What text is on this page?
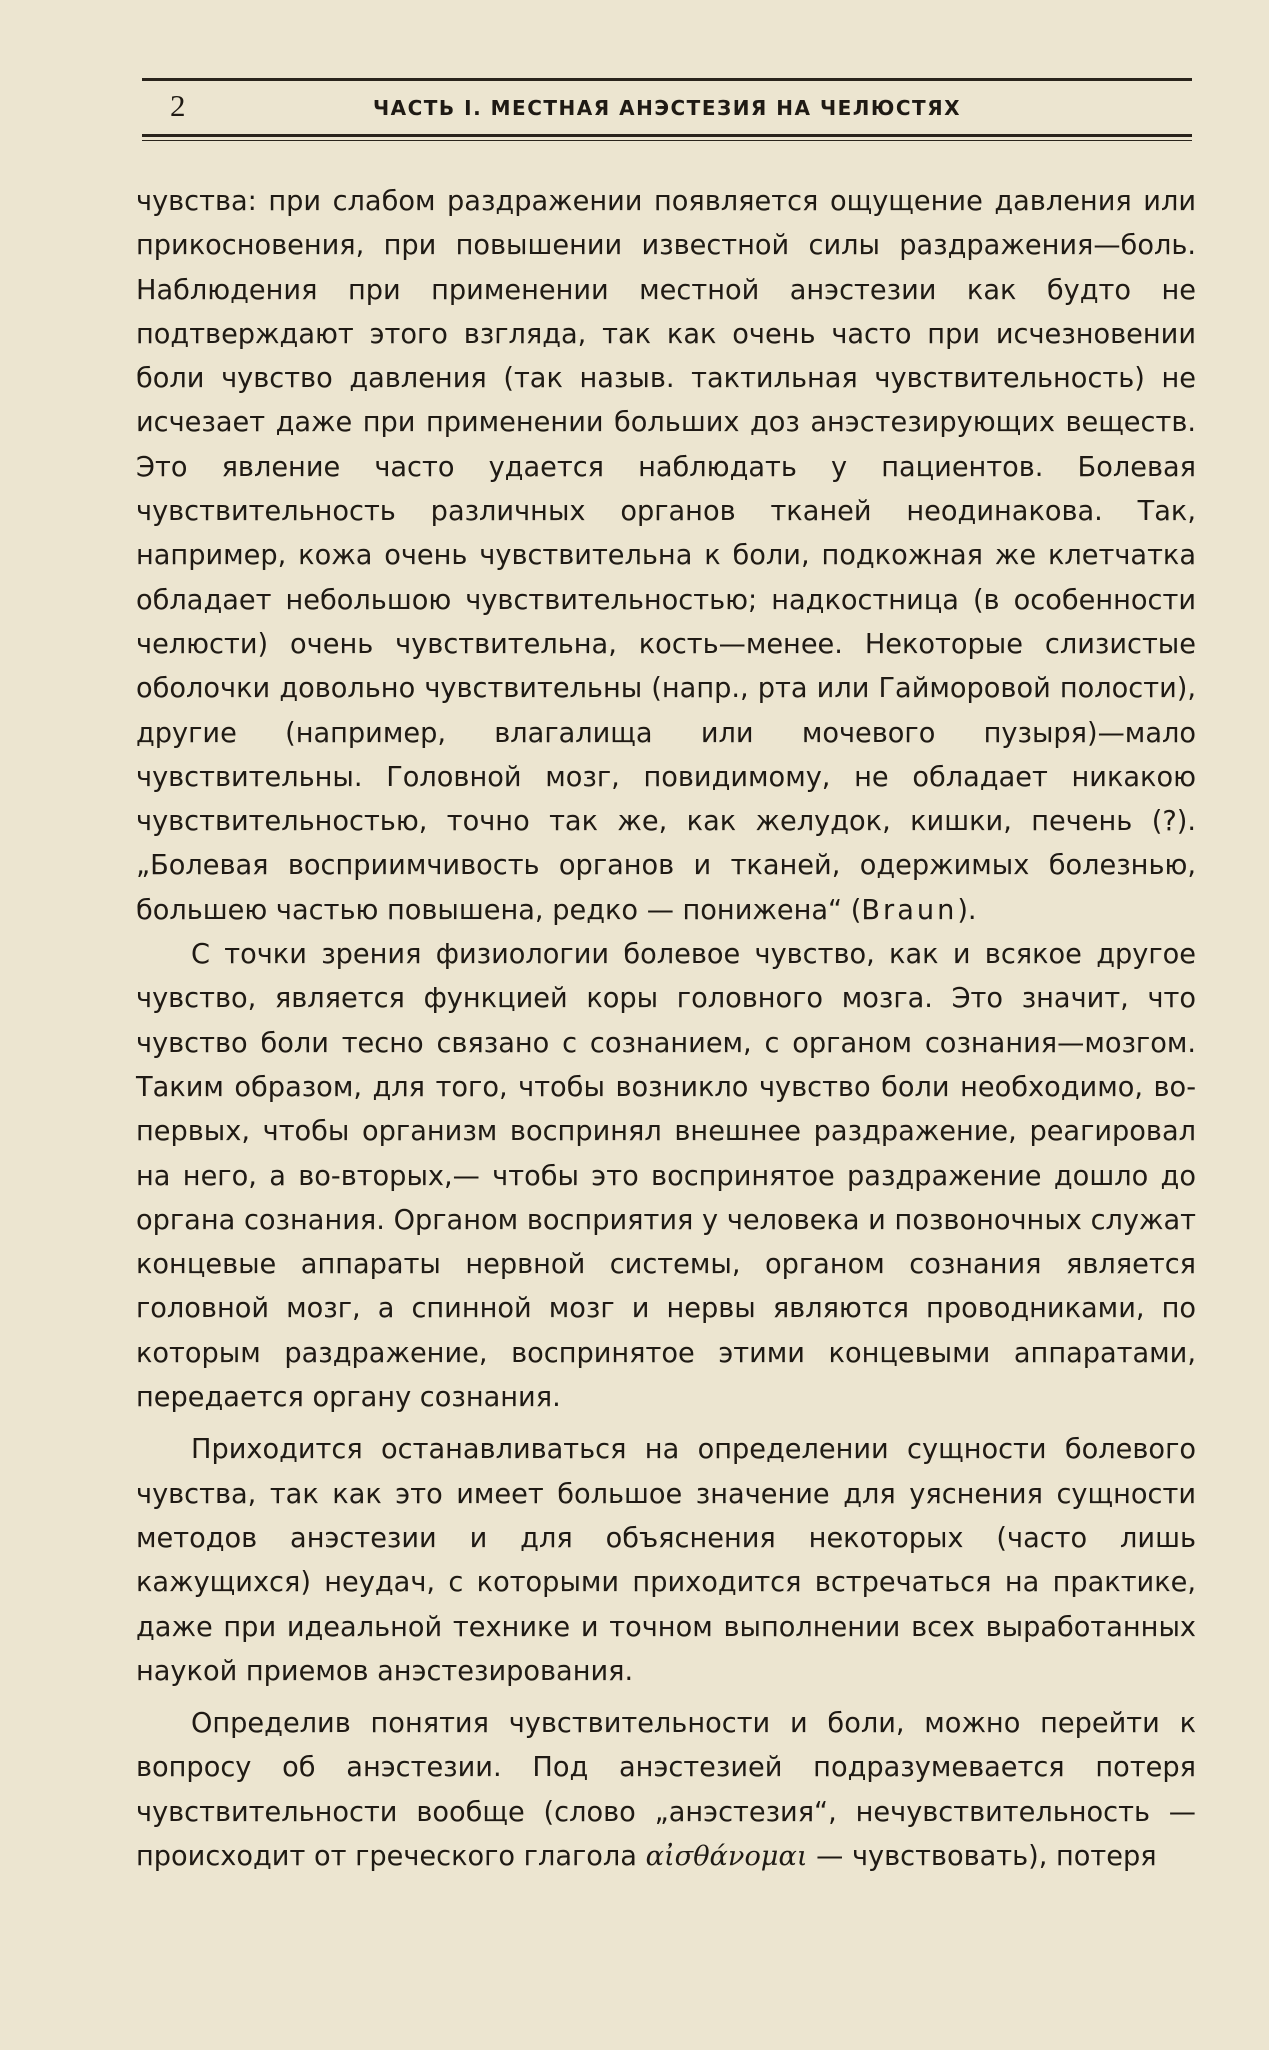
2	ЧАСТЬ I. МЕСТНАЯ АНЭСТЕЗИЯ НА ЧЕЛЮСТЯХ

чувства: при слабом раздражении появляется ощущение давления или прикосновения, при повышении известной силы раздражения—боль. Наблюдения при применении местной анэстезии как будто не подтверждают этого взгляда, так как очень часто при исчезновении боли чувство давления (так назыв. тактильная чувствительность) не исчезает даже при применении больших доз анэстезирующих веществ. Это явление часто удается наблюдать у пациентов. Болевая чувствительность различных органов тканей неодинакова. Так, например, кожа очень чувствительна к боли, подкожная же клетчатка обладает небольшою чувствительностью; надкостница (в особенности челюсти) очень чувствительна, кость—менее. Некоторые слизистые оболочки довольно чувствительны (напр., рта или Гайморовой полости), другие (например, влагалища или мочевого пузыря)—мало чувствительны. Головной мозг, повидимому, не обладает никакою чувствительностью, точно так же, как желудок, кишки, печень (?). „Болевая восприимчивость органов и тканей, одержимых болезнью, большею частью повышена, редко — понижена“ (Braun).

С точки зрения физиологии болевое чувство, как и всякое другое чувство, является функцией коры головного мозга. Это значит, что чувство боли тесно связано с сознанием, с органом сознания—мозгом. Таким образом, для того, чтобы возникло чувство боли необходимо, во-первых, чтобы организм воспринял внешнее раздражение, реагировал на него, а во-вторых,— чтобы это воспринятое раздражение дошло до органа сознания. Органом восприятия у человека и позвоночных служат концевые аппараты нервной системы, органом сознания является головной мозг, а спинной мозг и нервы являются проводниками, по которым раздражение, воспринятое этими концевыми аппаратами, передается органу сознания.

Приходится останавливаться на определении сущности болевого чувства, так как это имеет большое значение для уяснения сущности методов анэстезии и для объяснения некоторых (часто лишь кажущихся) неудач, с которыми приходится встречаться на практике, даже при идеальной технике и точном выполнении всех выработанных наукой приемов анэстезирования.

Определив понятия чувствительности и боли, можно перейти к вопросу об анэстезии. Под анэстезией подразумевается потеря чувствительности вообще (слово „анэстезия“, нечувствительность — происходит от греческого глагола αἰσθάνομαι — чувствовать), потеря
